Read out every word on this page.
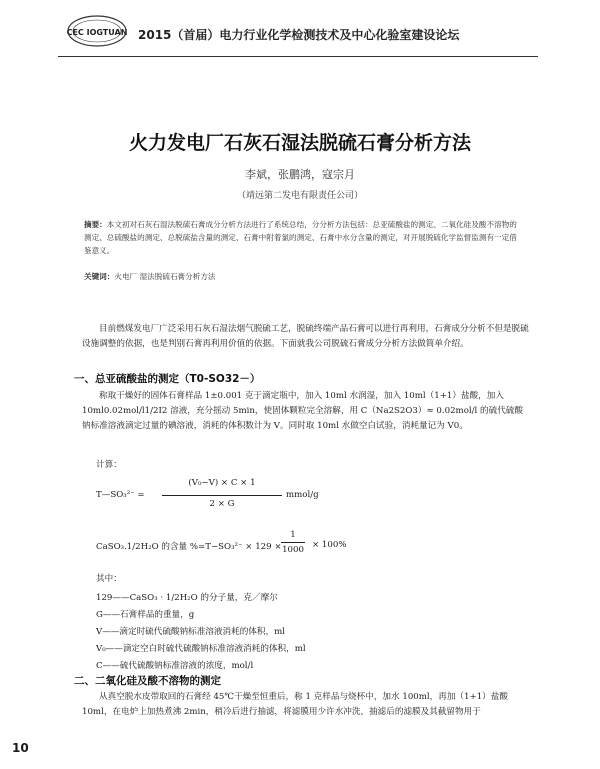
CEC IOGTUAN 2015（首届）电力行业化学检测技术及中心化验室建设论坛
火力发电厂石灰石湿法脱硫石膏分析方法
李斌，张鹏鸿，寇宗月
（靖远第二发电有限责任公司）
摘要：本文初对石灰石湿法脱硫石膏成分分析方法进行了系统总结，分分析方法包括：总亚硫酸盐的测定、二氧化硅及酸不溶物的测定、总硫酸盐的测定、总脱硫盐含量的测定、石膏中附着氯的测定、石膏中水分含量的测定，对开展脱硫化学监督监测有一定借鉴意义。
关键词：火电厂 湿法脱硫石膏分析方法
目前燃煤发电厂广泛采用石灰石湿法烟气脱硫工艺，脱硫终端产品石膏可以进行再利用，石膏成分分析不但是脱硫设施调整的依据，也是判别石膏再利用价值的依据。下面就我公司脱硫石膏成分分析方法做简单介绍。
一、总亚硫酸盐的测定（T0-SO32－）
称取干燥好的固体石膏样品 1±0.001 克于滴定瓶中，加入 10ml 水润湿，加入 10ml（1+1）盐酸，加入 10ml0.02mol/l1/2I2 溶液，充分摇动 5min，使固体颗粒完全溶解，用 C（Na2S2O3）≈ 0.02mol/l 的硫代硫酸钠标准溶液滴定过量的碘溶液，消耗的体积数计为 V。同时取 10ml 水做空白试验，消耗量记为 V0。
计算：
T—SO₃²⁻ =
(V₀−V) × C × 1
2 × G
mmol/g
CaSO₃.1/2H₂O 的含量 %=T−SO₃²⁻ × 129 ×
1
1000 × 100%
其中：
129——CaSO₃ · 1/2H₂O 的分子量，克／摩尔
G——石膏样品的重量，g
V——滴定时硫代硫酸钠标准溶液消耗的体积，ml
V₀——滴定空白时硫代硫酸钠标准溶液消耗的体积，ml
C——硫代硫酸钠标准溶液的浓度，mol/l
二、二氧化硅及酸不溶物的测定
从真空脱水皮带取回的石膏经 45℃干燥至恒重后，称 1 克样品与烧杯中，加水 100ml，再加（1+1）盐酸 10ml，在电炉上加热煮沸 2min，稍冷后进行抽滤，将滤膜用少许水冲洗，抽滤后的滤膜及其截留物用于
10
